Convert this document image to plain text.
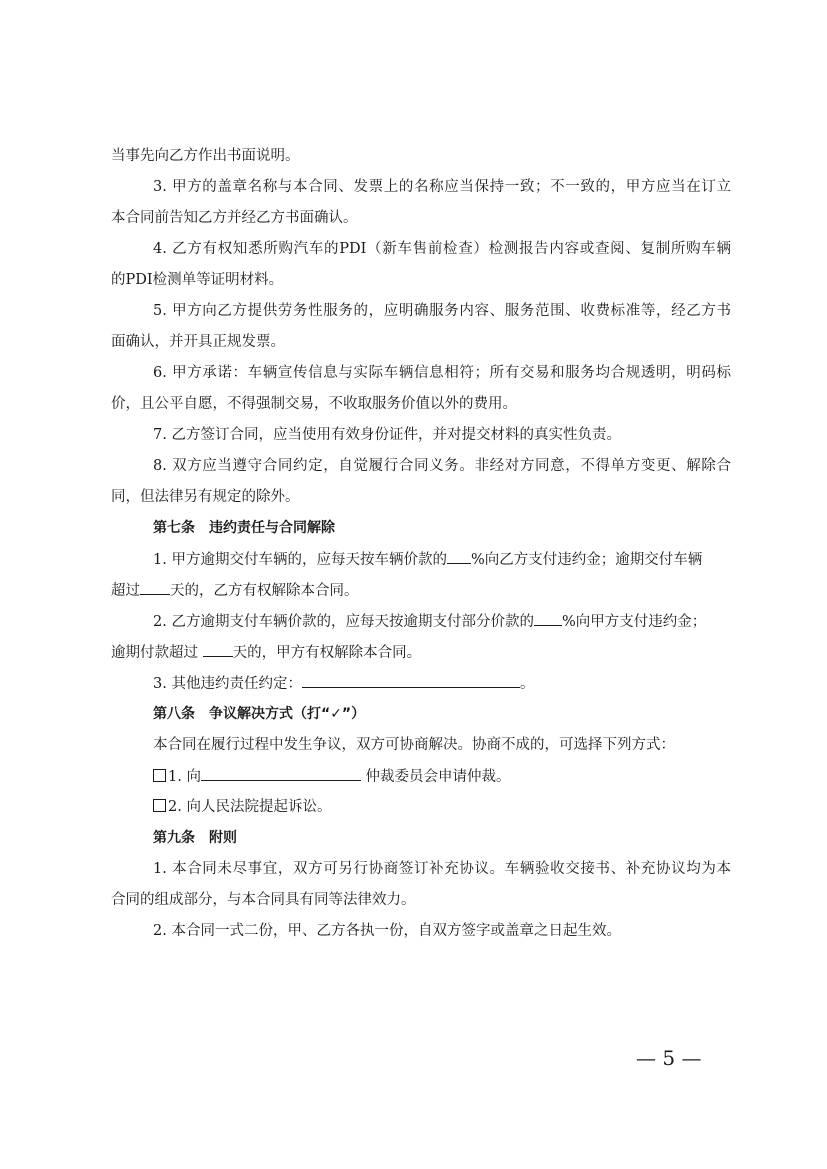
当事先向乙方作出书面说明。
3. 甲方的盖章名称与本合同、发票上的名称应当保持一致；不一致的，甲方应当在订立
本合同前告知乙方并经乙方书面确认。
4. 乙方有权知悉所购汽车的PDI（新车售前检查）检测报告内容或查阅、复制所购车辆
的PDI检测单等证明材料。
5. 甲方向乙方提供劳务性服务的，应明确服务内容、服务范围、收费标准等，经乙方书
面确认，并开具正规发票。
6. 甲方承诺：车辆宣传信息与实际车辆信息相符；所有交易和服务均合规透明，明码标
价，且公平自愿，不得强制交易，不收取服务价值以外的费用。
7. 乙方签订合同，应当使用有效身份证件，并对提交材料的真实性负责。
8. 双方应当遵守合同约定，自觉履行合同义务。非经对方同意，不得单方变更、解除合
同，但法律另有规定的除外。
第七条　违约责任与合同解除
1. 甲方逾期交付车辆的，应每天按车辆价款的 %向乙方支付违约金；逾期交付车辆
超过 天的，乙方有权解除本合同。
2. 乙方逾期支付车辆价款的，应每天按逾期支付部分价款的 %向甲方支付违约金；
逾期付款超过 天的，甲方有权解除本合同。
3. 其他违约责任约定：	。
第八条　争议解决方式（打“✓”）
本合同在履行过程中发生争议，双方可协商解决。协商不成的，可选择下列方式：
1. 向	仲裁委员会申请仲裁。
2. 向人民法院提起诉讼。
第九条　附则
1. 本合同未尽事宜，双方可另行协商签订补充协议。车辆验收交接书、补充协议均为本
合同的组成部分，与本合同具有同等法律效力。
2. 本合同一式二份，甲、乙方各执一份，自双方签字或盖章之日起生效。
— 5 —
